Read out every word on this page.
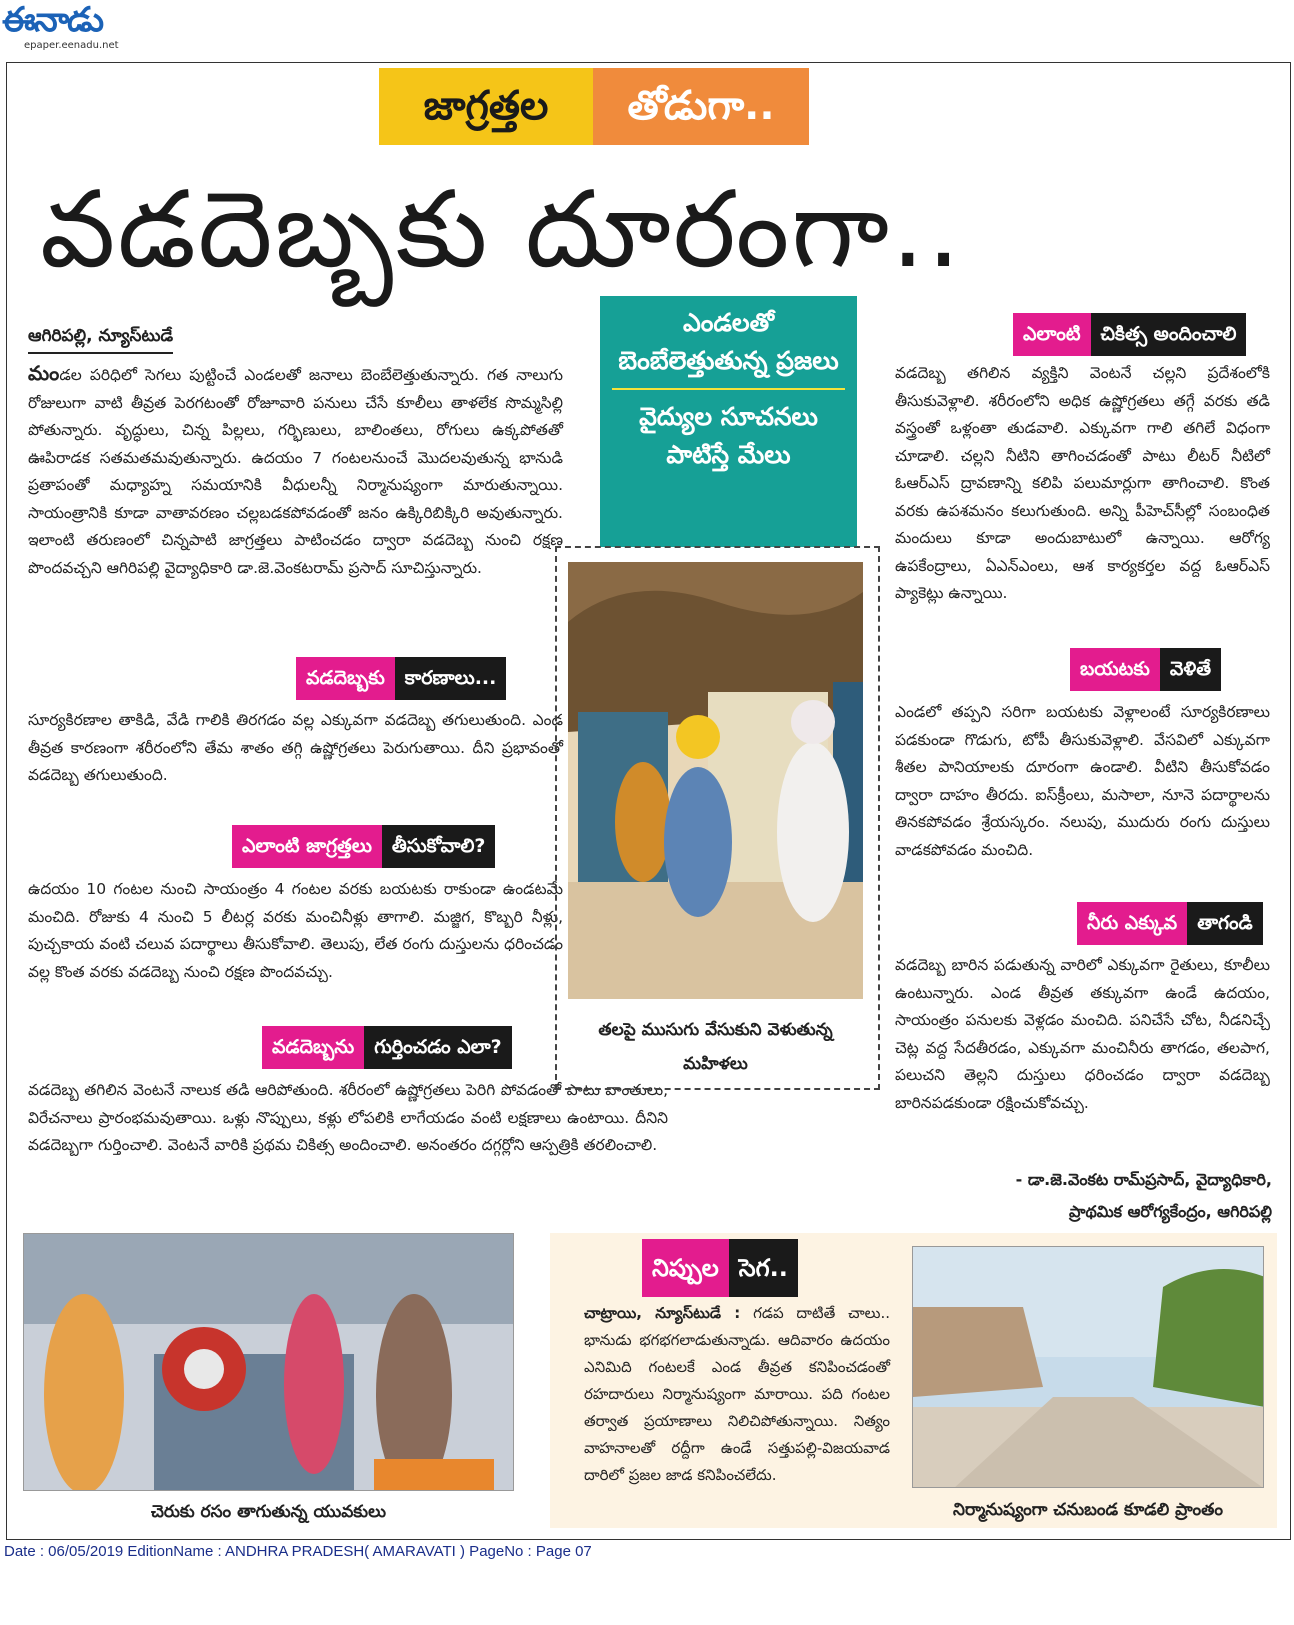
ఈనాడు
epaper.eenadu.net
జాగ్రత్తల	తోడుగా..
వడదెబ్బకు దూరంగా..
ఆగిరిపల్లి, న్యూస్‌టుడే
మండల పరిధిలో సెగలు పుట్టించే ఎండలతో జనాలు బెంబేలెత్తుతున్నారు. గత నాలుగు రోజులుగా వాటి తీవ్రత పెరగటంతో రోజూవారి పనులు చేసే కూలీలు తాళలేక సొమ్మసిల్లి పోతున్నారు. వృద్ధులు, చిన్న పిల్లలు, గర్భిణులు, బాలింతలు, రోగులు ఉక్కపోతతో ఊపిరాడక సతమతమవుతున్నారు. ఉదయం 7 గంటలనుంచే మొదలవుతున్న భానుడి ప్రతాపంతో మధ్యాహ్న సమయానికి వీధులన్నీ నిర్మానుష్యంగా మారుతున్నాయి. సాయంత్రానికి కూడా వాతావరణం చల్లబడకపోవడంతో జనం ఉక్కిరిబిక్కిరి అవుతున్నారు. ఇలాంటి తరుణంలో చిన్నపాటి జాగ్రత్తలు పాటించడం ద్వారా వడదెబ్బ నుంచి రక్షణ పొందవచ్చని ఆగిరిపల్లి వైద్యాధికారి డా.జె.వెంకటరామ్ ప్రసాద్ సూచిస్తున్నారు.
వడదెబ్బకు	కారణాలు...
సూర్యకిరణాల తాకిడి, వేడి గాలికి తిరగడం వల్ల ఎక్కువగా వడదెబ్బ తగులుతుంది. ఎండ తీవ్రత కారణంగా శరీరంలోని తేమ శాతం తగ్గి ఉష్ణోగ్రతలు పెరుగుతాయి. దీని ప్రభావంతో వడదెబ్బ తగులుతుంది.
ఎలాంటి జాగ్రత్తలు	తీసుకోవాలి?
ఉదయం 10 గంటల నుంచి సాయంత్రం 4 గంటల వరకు బయటకు రాకుండా ఉండటమే మంచిది. రోజుకు 4 నుంచి 5 లీటర్ల వరకు మంచినీళ్లు తాగాలి. మజ్జిగ, కొబ్బరి నీళ్లు, పుచ్చకాయ వంటి చలువ పదార్థాలు తీసుకోవాలి. తెలుపు, లేత రంగు దుస్తులను ధరించడం వల్ల కొంత వరకు వడదెబ్బ నుంచి రక్షణ పొందవచ్చు.
వడదెబ్బను	గుర్తించడం ఎలా?
వడదెబ్బ తగిలిన వెంటనే నాలుక తడి ఆరిపోతుంది. శరీరంలో ఉష్ణోగ్రతలు పెరిగి పోవడంతో పాటు వాంతులు, విరేచనాలు ప్రారంభమవుతాయి. ఒళ్లు నొప్పులు, కళ్లు లోపలికి లాగేయడం వంటి లక్షణాలు ఉంటాయి. దీనిని వడదెబ్బగా గుర్తించాలి. వెంటనే వారికి ప్రథమ చికిత్స అందించాలి. అనంతరం దగ్గర్లోని ఆస్పత్రికి తరలించాలి.
ఎండలతో బెంబేలెత్తుతున్న ప్రజలు
వైద్యుల సూచనలు పాటిస్తే మేలు
తలపై ముసుగు వేసుకుని వెళుతున్న మహిళలు
ఎలాంటి	చికిత్స అందించాలి
వడదెబ్బ తగిలిన వ్యక్తిని వెంటనే చల్లని ప్రదేశంలోకి తీసుకువెళ్లాలి. శరీరంలోని అధిక ఉష్ణోగ్రతలు తగ్గే వరకు తడి వస్త్రంతో ఒళ్లంతా తుడవాలి. ఎక్కువగా గాలి తగిలే విధంగా చూడాలి. చల్లని నీటిని తాగించడంతో పాటు లీటర్ నీటిలో ఓఆర్‌ఎస్ ద్రావణాన్ని కలిపి పలుమార్లుగా తాగించాలి. కొంత వరకు ఉపశమనం కలుగుతుంది. అన్ని పీహెచ్‌సీల్లో సంబంధిత మందులు కూడా అందుబాటులో ఉన్నాయి. ఆరోగ్య ఉపకేంద్రాలు, ఏఎన్‌ఎంలు, ఆశ కార్యకర్తల వద్ద ఓఆర్‌ఎస్ ప్యాకెట్లు ఉన్నాయి.
బయటకు	వెళితే
ఎండలో తప్పని సరిగా బయటకు వెళ్లాలంటే సూర్యకిరణాలు పడకుండా గొడుగు, టోపీ తీసుకువెళ్లాలి. వేసవిలో ఎక్కువగా శీతల పానియాలకు దూరంగా ఉండాలి. వీటిని తీసుకోవడం ద్వారా దాహం తీరదు. ఐస్‌క్రీంలు, మసాలా, నూనె పదార్థాలను తినకపోవడం శ్రేయస్కరం. నలుపు, ముదురు రంగు దుస్తులు వాడకపోవడం మంచిది.
నీరు ఎక్కువ	తాగండి
వడదెబ్బ బారిన పడుతున్న వారిలో ఎక్కువగా రైతులు, కూలీలు ఉంటున్నారు. ఎండ తీవ్రత తక్కువగా ఉండే ఉదయం, సాయంత్రం పనులకు వెళ్లడం మంచిది. పనిచేసే చోట, నీడనిచ్చే చెట్ల వద్ద సేదతీరడం, ఎక్కువగా మంచినీరు తాగడం, తలపాగ, పలుచని తెల్లని దుస్తులు ధరించడం ద్వారా వడదెబ్బ బారినపడకుండా రక్షించుకోవచ్చు.
- డా.జె.వెంకట రామ్‌ప్రసాద్, వైద్యాధికారి,
ప్రాథమిక ఆరోగ్యకేంద్రం, ఆగిరిపల్లి
చెరుకు రసం తాగుతున్న యువకులు
నిప్పుల సెగ..
చాట్రాయి, న్యూస్‌టుడే : గడప దాటితే చాలు.. భానుడు భగభగలాడుతున్నాడు. ఆదివారం ఉదయం ఎనిమిది గంటలకే ఎండ తీవ్రత కనిపించడంతో రహదారులు నిర్మానుష్యంగా మారాయి. పది గంటల తర్వాత ప్రయాణాలు నిలిచిపోతున్నాయి. నిత్యం వాహనాలతో రద్దీగా ఉండే సత్తుపల్లి-విజయవాడ దారిలో ప్రజల జాడ కనిపించలేదు.
నిర్మానుష్యంగా చనుబండ కూడలి ప్రాంతం
Date : 06/05/2019 EditionName : ANDHRA PRADESH( AMARAVATI ) PageNo : Page 07
